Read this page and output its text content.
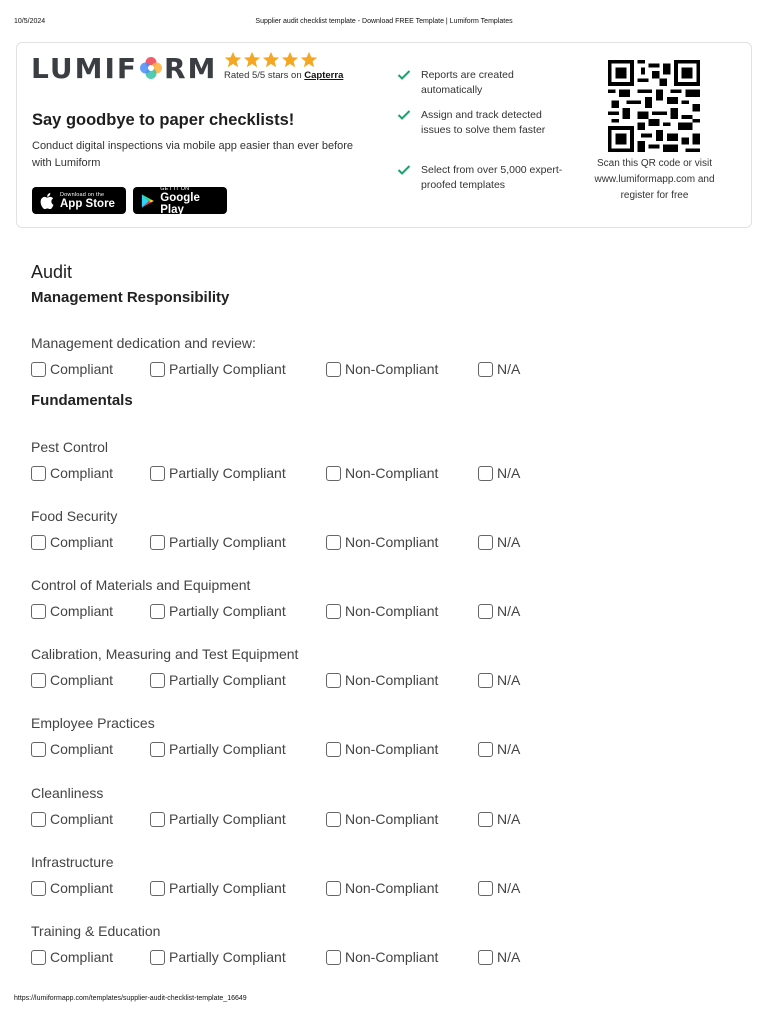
10/5/2024	Supplier audit checklist template - Download FREE Template | Lumiform Templates
LUMIF RM Rated 5/5 stars on Capterra
Say goodbye to paper checklists!
Conduct digital inspections via mobile app easier than ever before with Lumiform
Download on the
App Store
GET IT ON
Google Play
Reports are created automatically
Assign and track detected issues to solve them faster
Select from over 5,000 expert-proofed templates
Scan this QR code or visit www.lumiformapp.com and register for free
Audit
Management Responsibility
Management dedication and review:
Compliant	Partially Compliant	Non-Compliant	N/A
Fundamentals
Pest Control
Compliant	Partially Compliant	Non-Compliant	N/A
Food Security
Compliant	Partially Compliant	Non-Compliant	N/A
Control of Materials and Equipment
Compliant	Partially Compliant	Non-Compliant	N/A
Calibration, Measuring and Test Equipment
Compliant	Partially Compliant	Non-Compliant	N/A
Employee Practices
Compliant	Partially Compliant	Non-Compliant	N/A
Cleanliness
Compliant	Partially Compliant	Non-Compliant	N/A
Infrastructure
Compliant	Partially Compliant	Non-Compliant	N/A
Training & Education
Compliant	Partially Compliant	Non-Compliant	N/A
https://lumiformapp.com/templates/supplier-audit-checklist-template_16649
